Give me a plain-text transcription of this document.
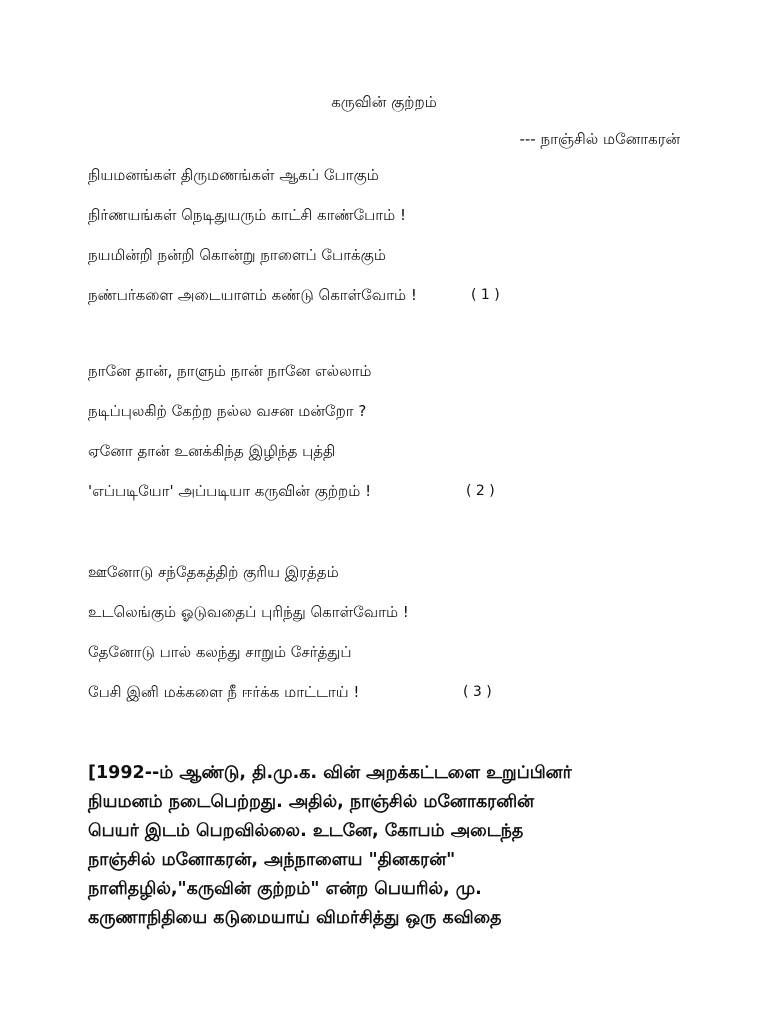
கருவின் குற்றம்
--- நாஞ்சில் மனோகரன்
நியமனங்கள் திருமணங்கள் ஆகப் போகும்
நிர்ணயங்கள் நெடிதுயரும் காட்சி காண்போம் !
நயமின்றி நன்றி கொன்று நாளைப் போக்கும்
நண்பர்களை அடையாளம் கண்டு கொள்வோம் !	( 1 )
நானே தான், நாளும் நான் நானே எல்லாம்
நடிப்புலகிற் கேற்ற நல்ல வசன மன்றோ ?
ஏனோ தான் உனக்கிந்த இழிந்த புத்தி
'எப்படியோ' அப்படியா கருவின் குற்றம் !	( 2 )
ஊனோடு சந்தேகத்திற் குரிய இரத்தம்
உடலெங்கும் ஓடுவதைப் புரிந்து கொள்வோம் !
தேனோடு பால் கலந்து சாறும் சேர்த்துப்
பேசி இனி மக்களை நீ ஈர்க்க மாட்டாய் !	( 3 )
[1992--ம் ஆண்டு, தி.மு.க. வின் அறக்கட்டளை உறுப்பினர்
நியமனம் நடைபெற்றது. அதில், நாஞ்சில் மனோகரனின்
பெயர் இடம் பெறவில்லை. உடனே, கோபம் அடைந்த
நாஞ்சில் மனோகரன், அந்நாளைய "தினகரன்"
நாளிதழில்,"கருவின் குற்றம்" என்ற பெயரில், மு.
கருணாநிதியை கடுமையாய் விமர்சித்து ஒரு கவிதை
